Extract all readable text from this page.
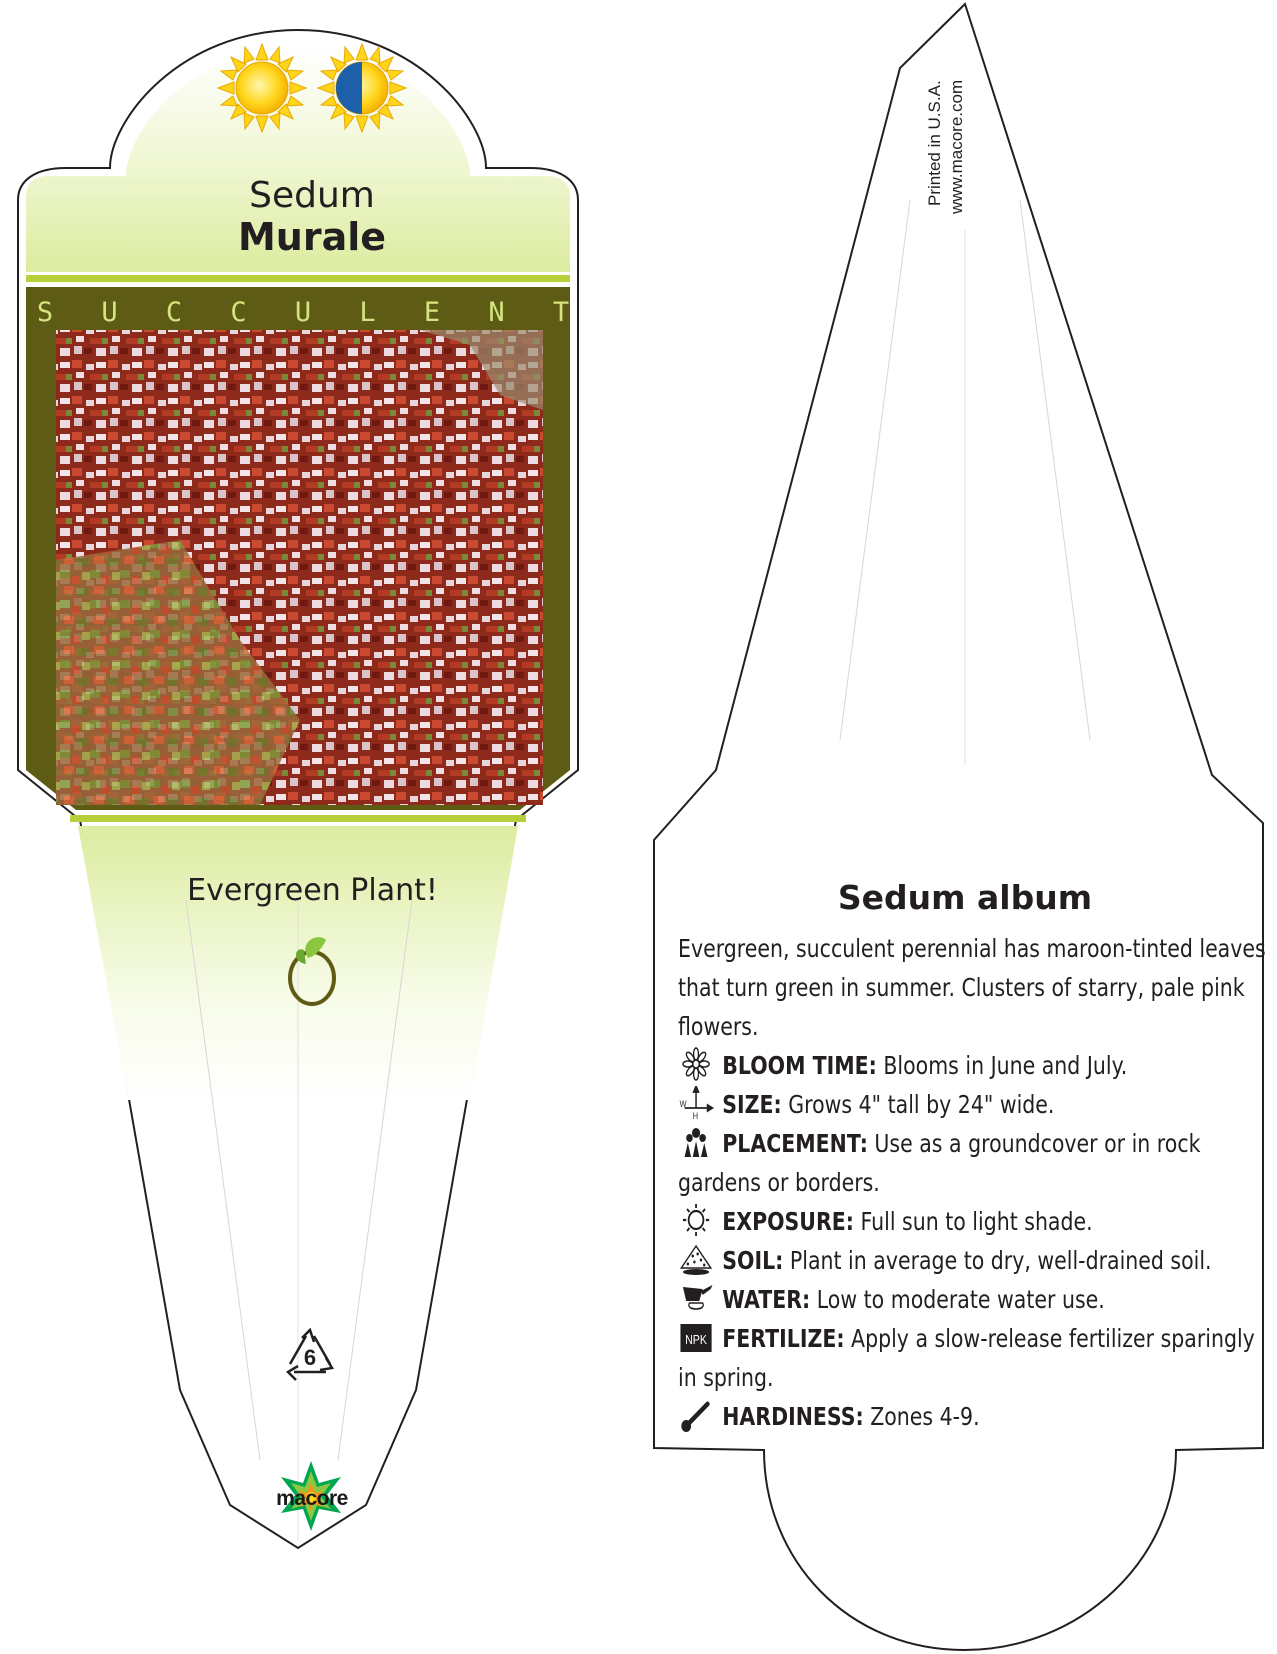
Sedum
Murale
S U C C U L E N T
Evergreen Plant!
6
macore
Printed in U.S.A. www.macore.com
Sedum album
Evergreen, succulent perennial has maroon-tinted leaves that turn green in summer. Clusters of starry, pale pink flowers.
BLOOM TIME: Blooms in June and July.
W
H SIZE: Grows 4" tall by 24" wide.
PLACEMENT: Use as a groundcover or in rock gardens or borders.
EXPOSURE: Full sun to light shade.
SOIL: Plant in average to dry, well-drained soil.
WATER: Low to moderate water use.
NPK FERTILIZE: Apply a slow-release fertilizer sparingly in spring.
HARDINESS: Zones 4-9.
